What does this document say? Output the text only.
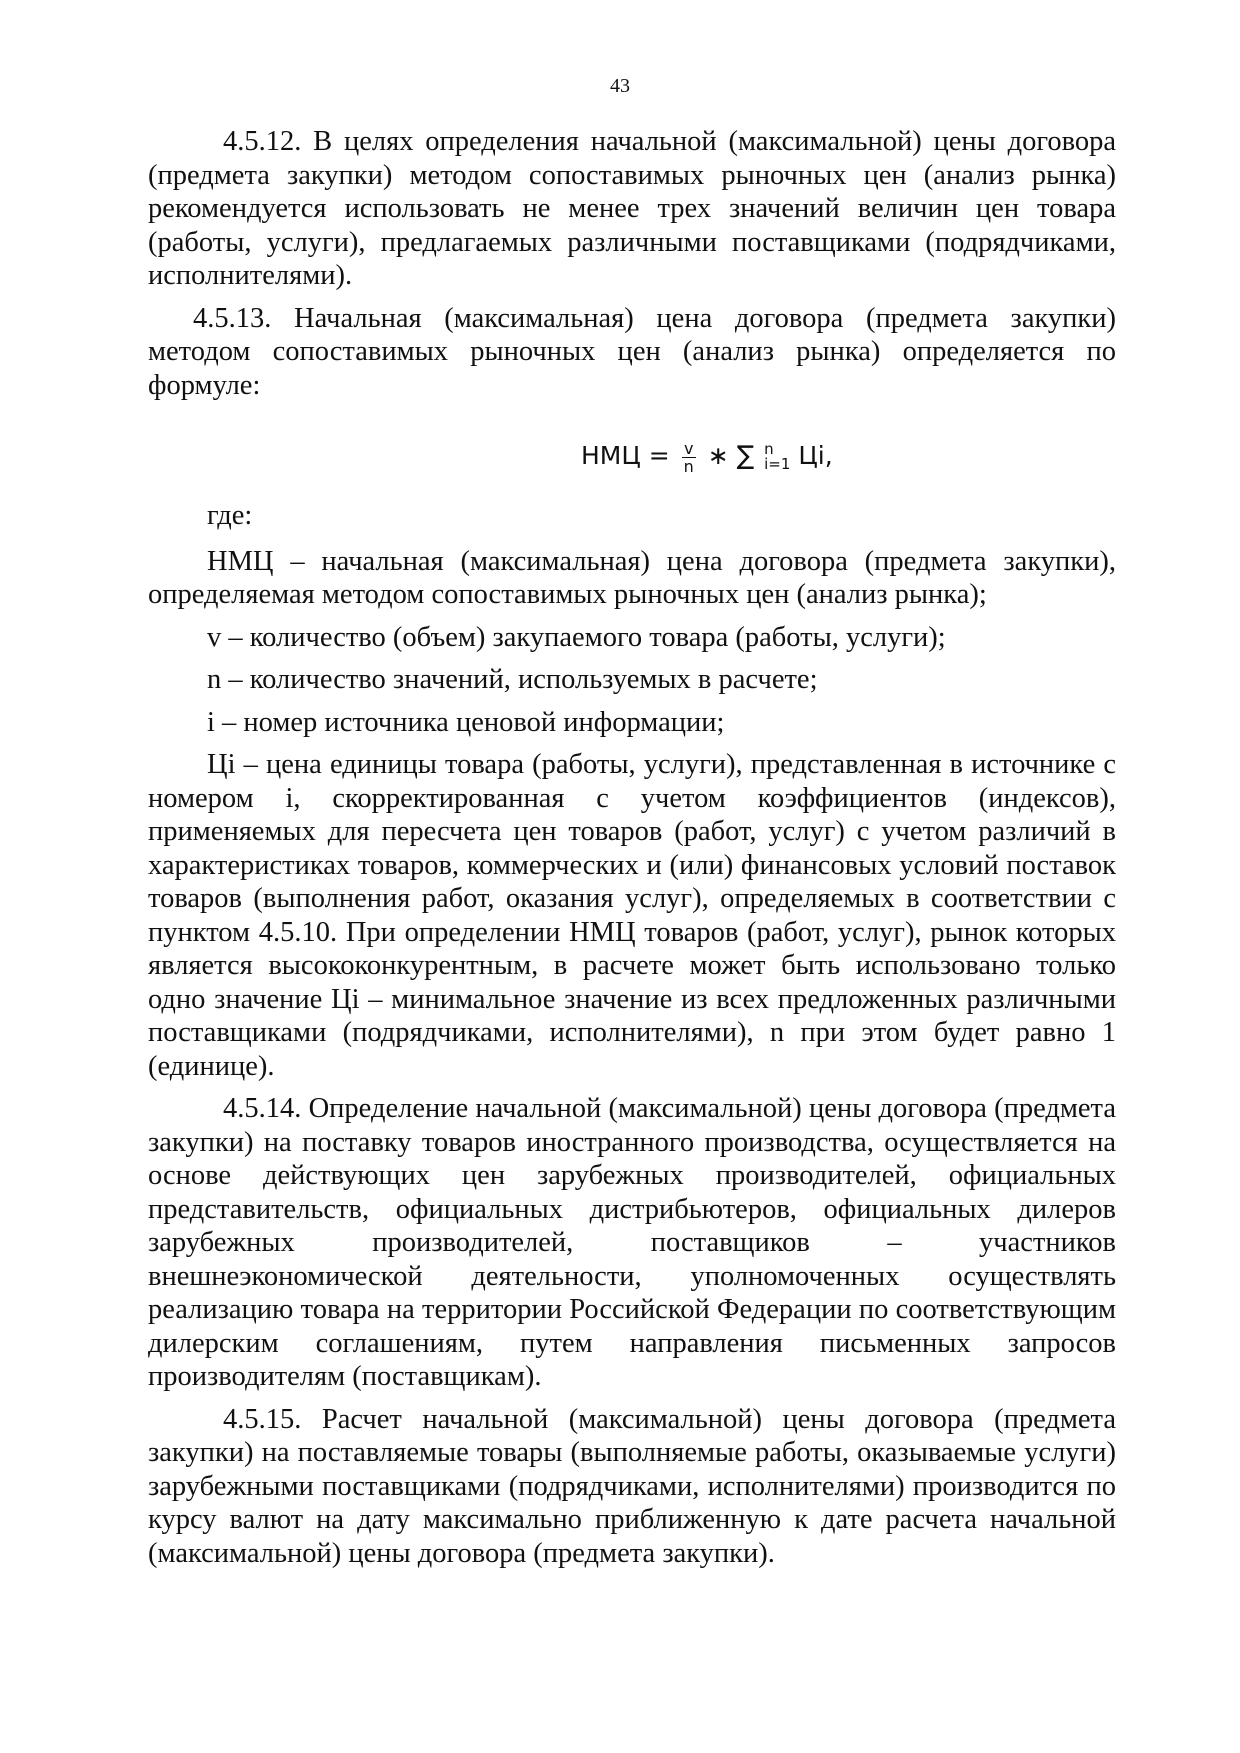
43

4.5.12. В целях определения начальной (максимальной) цены договора (предмета закупки) методом сопоставимых рыночных цен (анализ рынка) рекомендуется использовать не менее трех значений величин цен товара (работы, услуги), предлагаемых различными поставщиками (подрядчиками, исполнителями).

4.5.13. Начальная (максимальная) цена договора (предмета закупки) методом сопоставимых рыночных цен (анализ рынка) определяется по формуле:

НМЦ = $\frac{v}{n}$ ∗ ∑ n
i=1 Цi,

где:

НМЦ – начальная (максимальная) цена договора (предмета закупки), определяемая методом сопоставимых рыночных цен (анализ рынка);

v – количество (объем) закупаемого товара (работы, услуги);

n – количество значений, используемых в расчете;

i – номер источника ценовой информации;

Цi – цена единицы товара (работы, услуги), представленная в источнике с номером i, скорректированная с учетом коэффициентов (индексов), применяемых для пересчета цен товаров (работ, услуг) с учетом различий в характеристиках товаров, коммерческих и (или) финансовых условий поставок товаров (выполнения работ, оказания услуг), определяемых в соответствии с пунктом 4.5.10. При определении НМЦ товаров (работ, услуг), рынок которых является высококонкурентным, в расчете может быть использовано только одно значение Цi – минимальное значение из всех предложенных различными поставщиками (подрядчиками, исполнителями), n при этом будет равно 1 (единице).

4.5.14. Определение начальной (максимальной) цены договора (предмета закупки) на поставку товаров иностранного производства, осуществляется на основе действующих цен зарубежных производителей, официальных представительств, официальных дистрибьютеров, официальных дилеров зарубежных производителей, поставщиков – участников внешнеэкономической деятельности, уполномоченных осуществлять реализацию товара на территории Российской Федерации по соответствующим дилерским соглашениям, путем направления письменных запросов производителям (поставщикам).

4.5.15. Расчет начальной (максимальной) цены договора (предмета закупки) на поставляемые товары (выполняемые работы, оказываемые услуги) зарубежными поставщиками (подрядчиками, исполнителями) производится по курсу валют на дату максимально приближенную к дате расчета начальной (максимальной) цены договора (предмета закупки).
